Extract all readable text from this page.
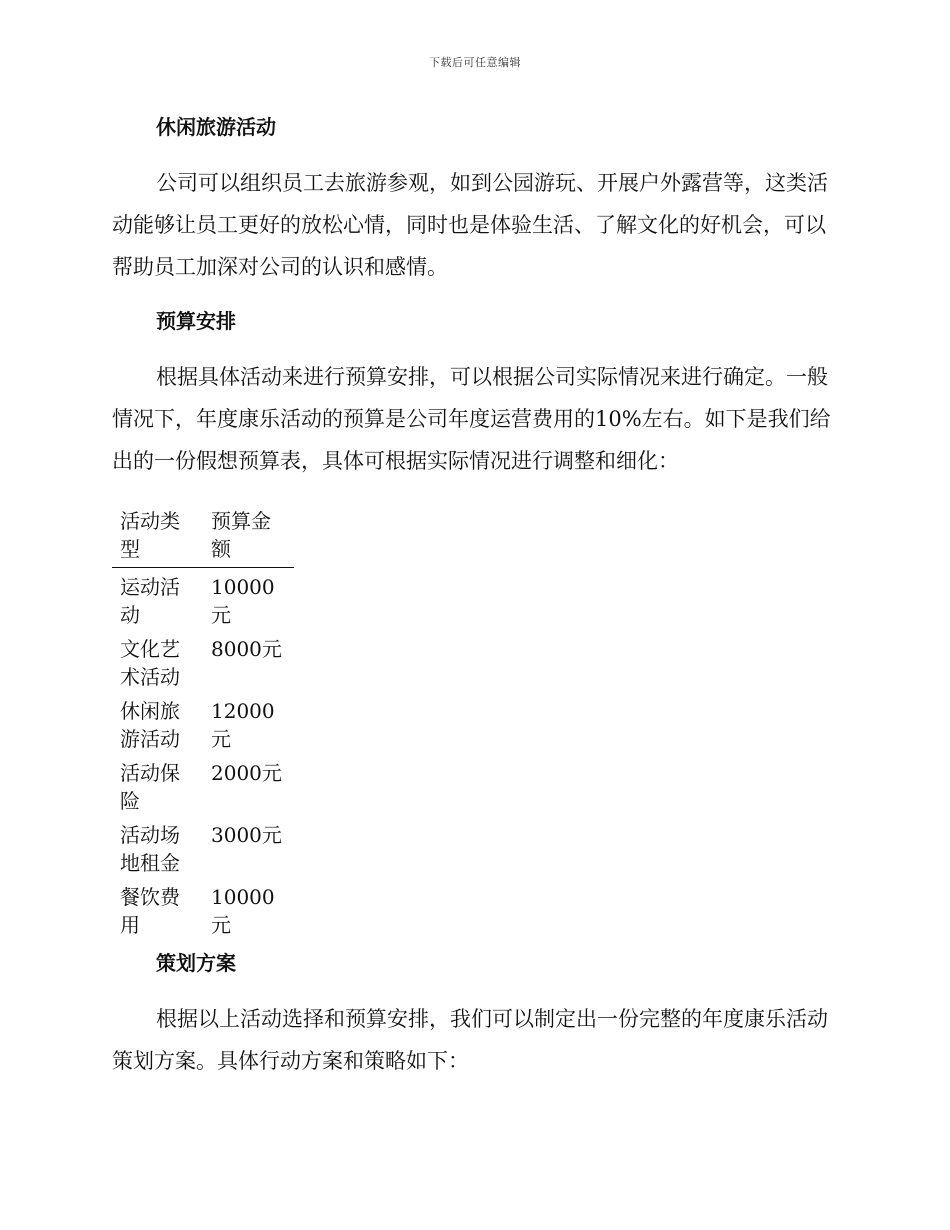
下载后可任意编辑
休闲旅游活动

公司可以组织员工去旅游参观，如到公园游玩、开展户外露营等，这类活动能够让员工更好的放松心情，同时也是体验生活、了解文化的好机会，可以帮助员工加深对公司的认识和感情。

预算安排

根据具体活动来进行预算安排，可以根据公司实际情况来进行确定。一般情况下，年度康乐活动的预算是公司年度运营费用的10%左右。如下是我们给出的一份假想预算表，具体可根据实际情况进行调整和细化：

活动类型	预算金额
运动活动	10000元
文化艺术活动	8000元
休闲旅游活动	12000元
活动保险	2000元
活动场地租金	3000元
餐饮费用	10000元
策划方案

根据以上活动选择和预算安排，我们可以制定出一份完整的年度康乐活动策划方案。具体行动方案和策略如下：
